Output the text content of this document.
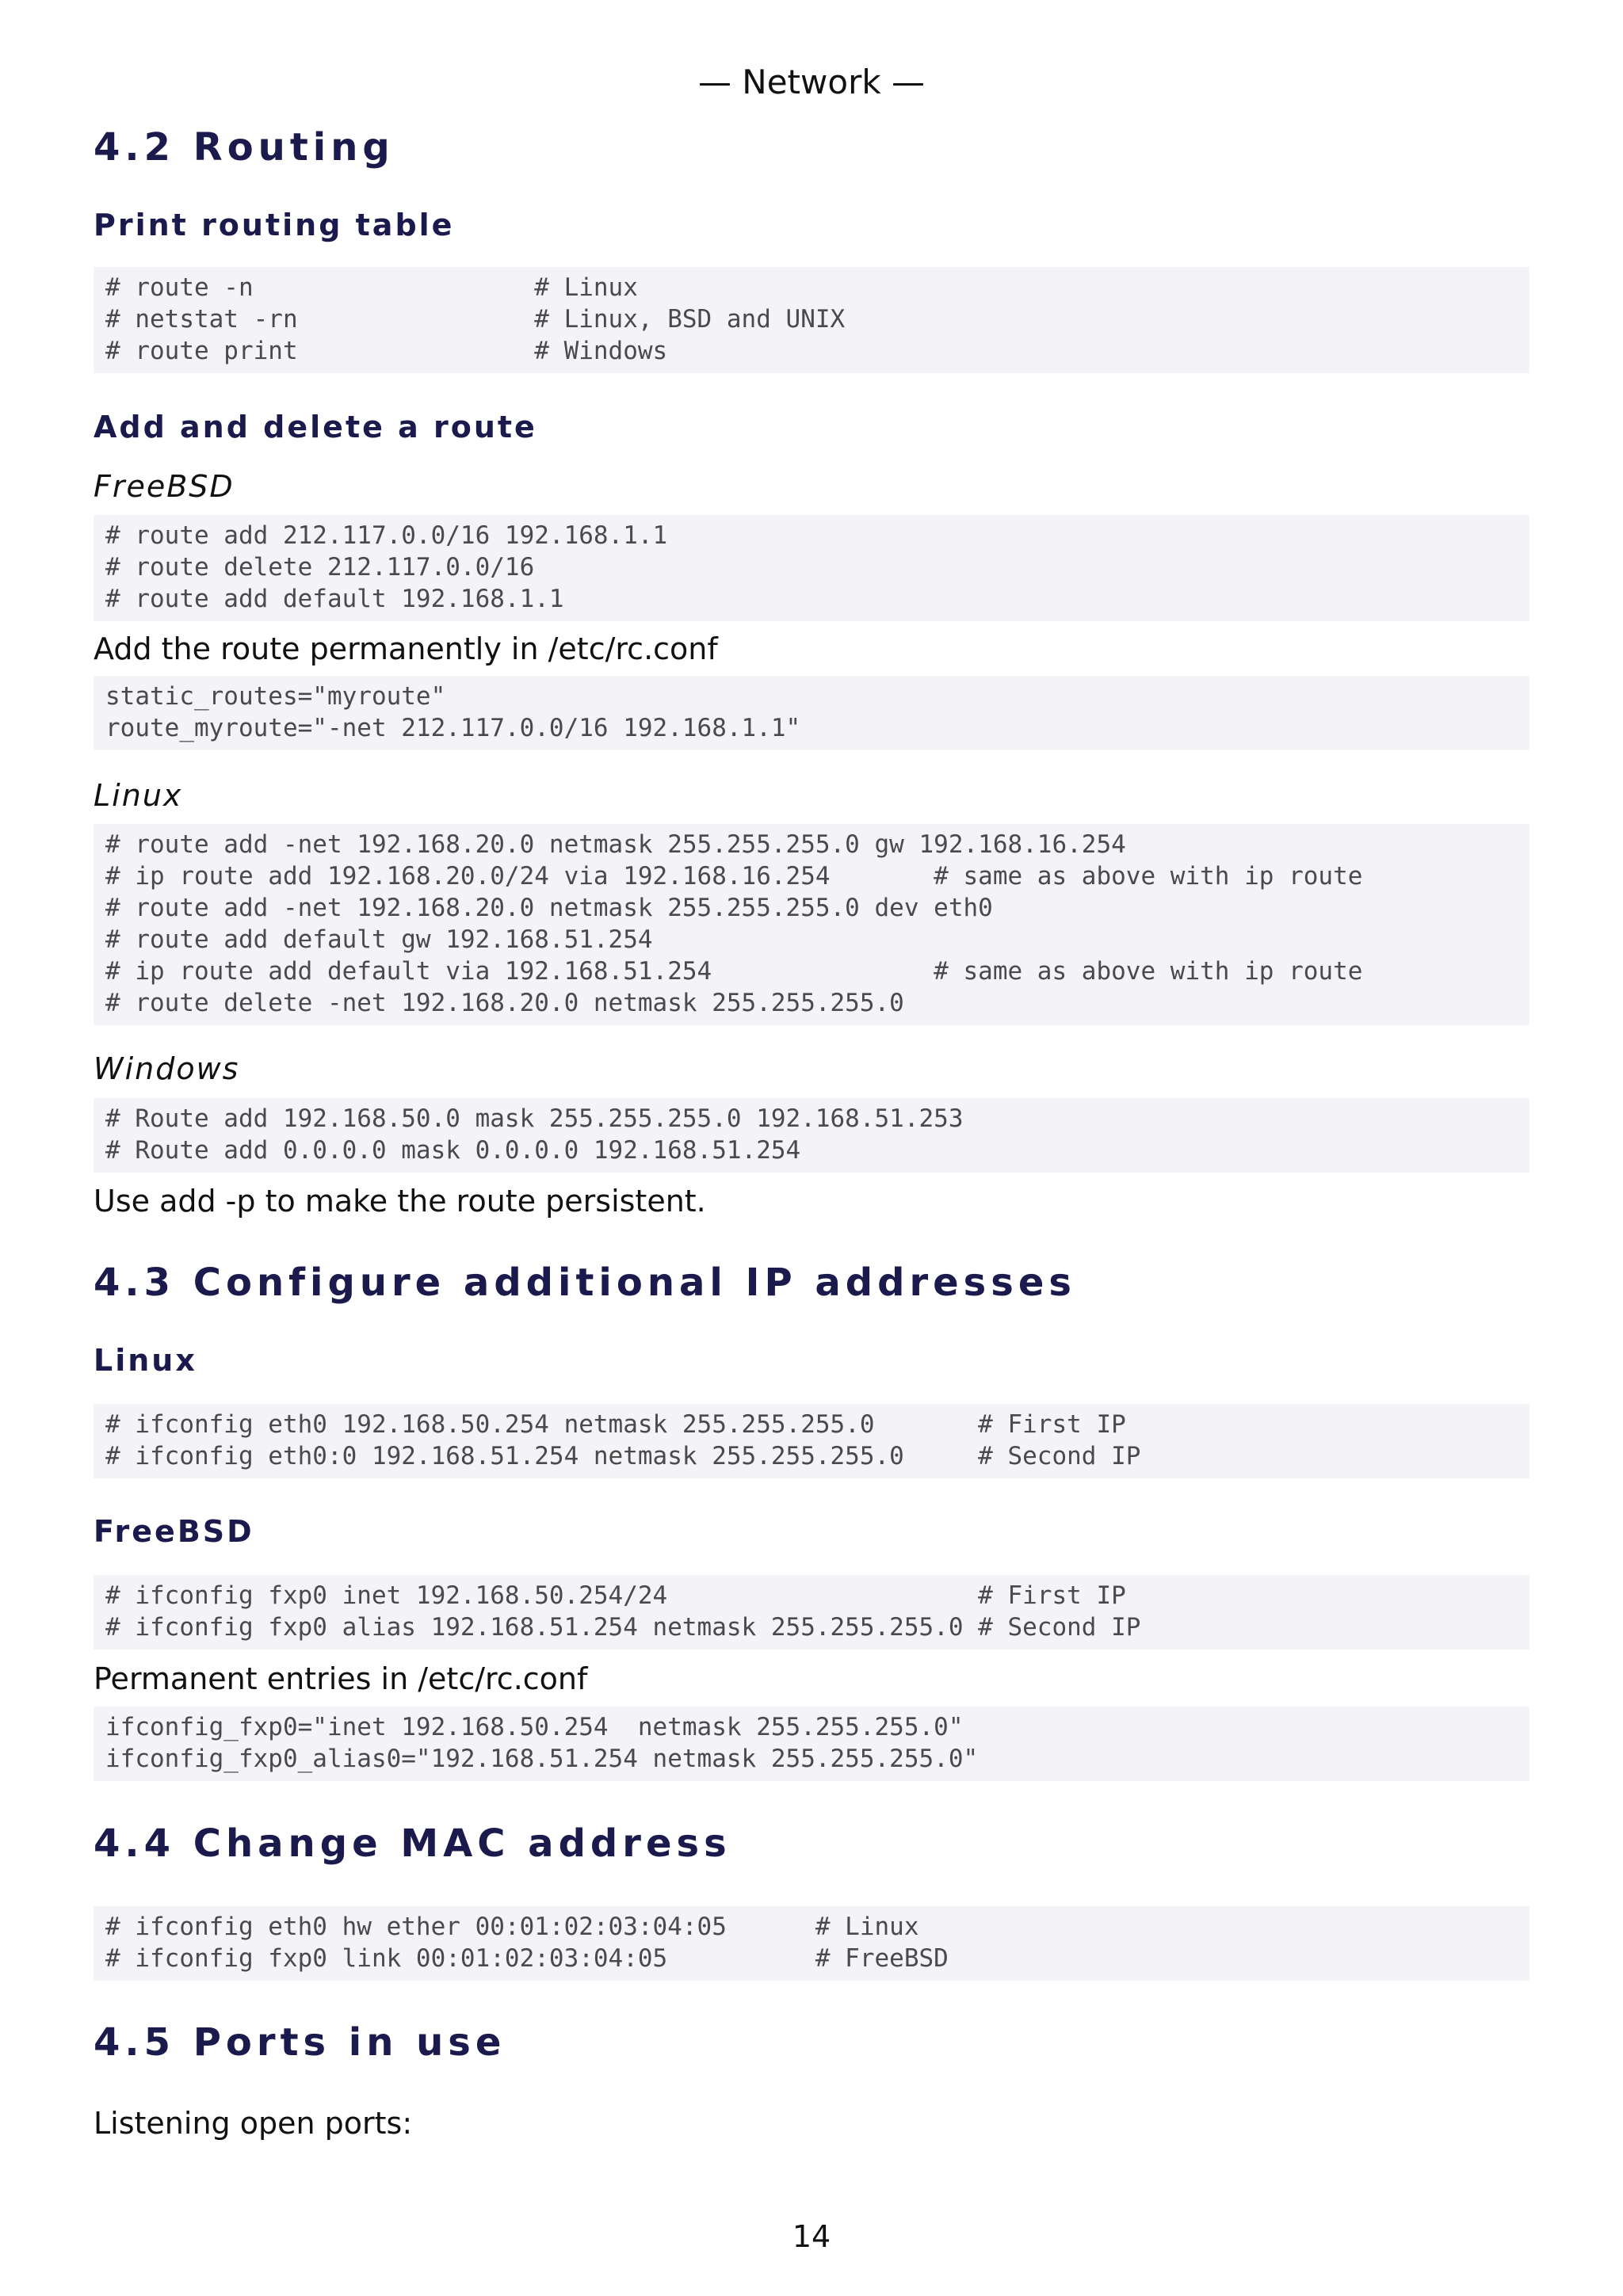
— Network —
4.2 Routing
Print routing table
# route -n                   # Linux
# netstat -rn                # Linux, BSD and UNIX
# route print                # Windows
Add and delete a route
FreeBSD
# route add 212.117.0.0/16 192.168.1.1
# route delete 212.117.0.0/16
# route add default 192.168.1.1

Add the route permanently in /etc/rc.conf

static_routes="myroute"
route_myroute="-net 212.117.0.0/16 192.168.1.1"
Linux
# route add -net 192.168.20.0 netmask 255.255.255.0 gw 192.168.16.254
# ip route add 192.168.20.0/24 via 192.168.16.254       # same as above with ip route
# route add -net 192.168.20.0 netmask 255.255.255.0 dev eth0
# route add default gw 192.168.51.254
# ip route add default via 192.168.51.254               # same as above with ip route
# route delete -net 192.168.20.0 netmask 255.255.255.0
Windows
# Route add 192.168.50.0 mask 255.255.255.0 192.168.51.253
# Route add 0.0.0.0 mask 0.0.0.0 192.168.51.254

Use add -p to make the route persistent.

4.3 Configure additional IP addresses
Linux
# ifconfig eth0 192.168.50.254 netmask 255.255.255.0       # First IP
# ifconfig eth0:0 192.168.51.254 netmask 255.255.255.0     # Second IP
FreeBSD
# ifconfig fxp0 inet 192.168.50.254/24                     # First IP
# ifconfig fxp0 alias 192.168.51.254 netmask 255.255.255.0 # Second IP

Permanent entries in /etc/rc.conf

ifconfig_fxp0="inet 192.168.50.254  netmask 255.255.255.0"
ifconfig_fxp0_alias0="192.168.51.254 netmask 255.255.255.0"
4.4 Change MAC address
# ifconfig eth0 hw ether 00:01:02:03:04:05      # Linux
# ifconfig fxp0 link 00:01:02:03:04:05          # FreeBSD
4.5 Ports in use

Listening open ports:

14
